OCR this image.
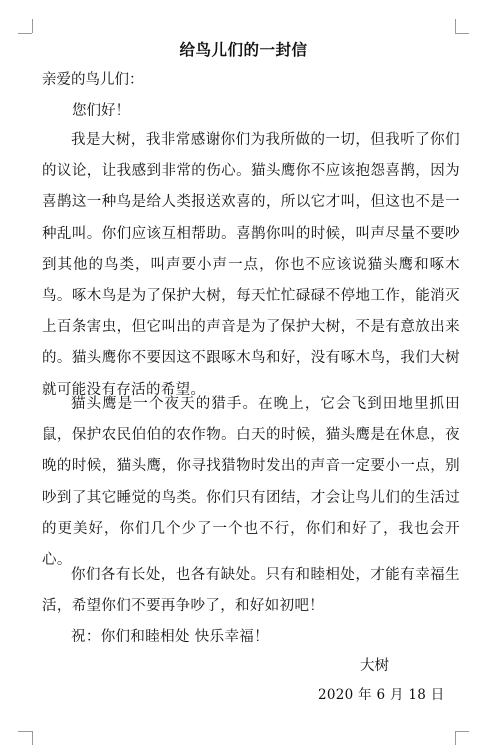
给鸟儿们的一封信
亲爱的鸟儿们：
您们好！

我是大树，我非常感谢你们为我所做的一切，但我听了你们的议论，让我感到非常的伤心。猫头鹰你不应该抱怨喜鹊，因为喜鹊这一种鸟是给人类报送欢喜的，所以它才叫，但这也不是一种乱叫。你们应该互相帮助。喜鹊你叫的时候，叫声尽量不要吵到其他的鸟类，叫声要小声一点，你也不应该说猫头鹰和啄木鸟。啄木鸟是为了保护大树，每天忙忙碌碌不停地工作，能消灭上百条害虫，但它叫出的声音是为了保护大树，不是有意放出来的。猫头鹰你不要因这不跟啄木鸟和好，没有啄木鸟，我们大树就可能没有存活的希望。

猫头鹰是一个夜天的猎手。在晚上，它会飞到田地里抓田鼠，保护农民伯伯的农作物。白天的时候，猫头鹰是在休息，夜晚的时候，猫头鹰，你寻找猎物时发出的声音一定要小一点，别吵到了其它睡觉的鸟类。你们只有团结，才会让鸟儿们的生活过的更美好，你们几个少了一个也不行，你们和好了，我也会开心。

你们各有长处，也各有缺处。只有和睦相处，才能有幸福生活，希望你们不要再争吵了，和好如初吧！

祝：你们和睦相处 快乐幸福！

大树
2020 年 6 月 18 日
